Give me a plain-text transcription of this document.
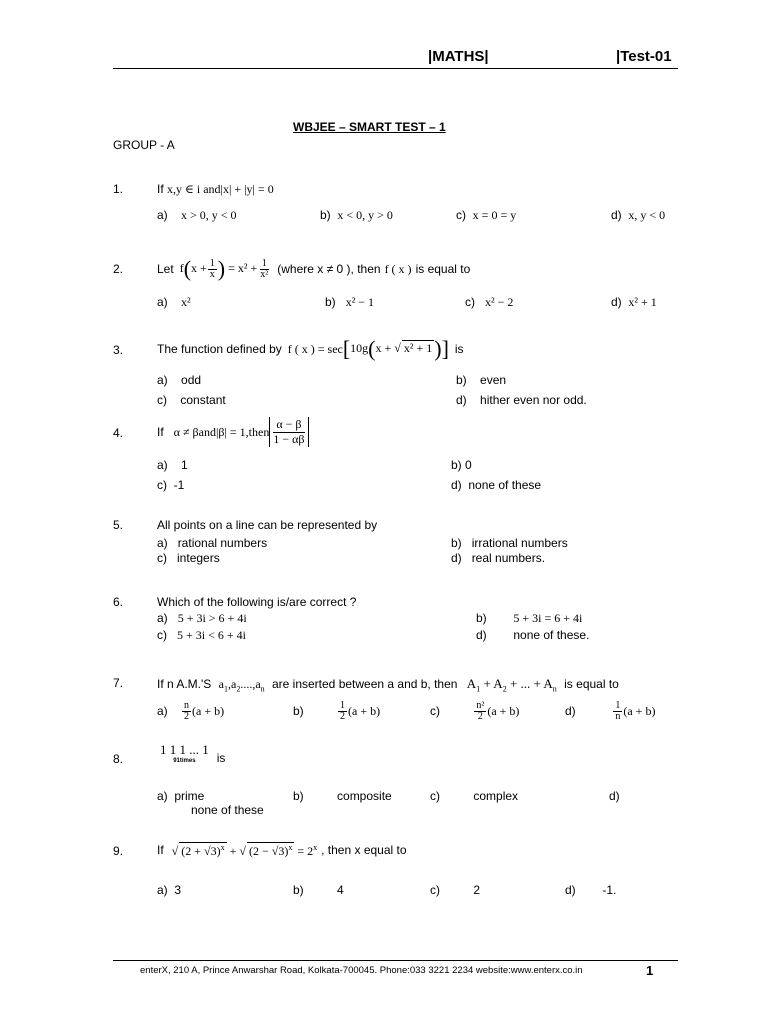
|MATHS|	|Test-01
WBJEE – SMART TEST – 1
GROUP - A
1.	If x,y ∈ i and|x| + |y| = 0
a) x > 0, y < 0	b) x < 0, y > 0	c) x = 0 = y	d) x, y < 0
2.	Let $f(x + \frac{1}{x}$ ) = $x^2 + \frac{1}{\text{x²}}$ (where x ≠ 0 ), then f ( x ) is equal to
a) x²	b) x² − 1	c) x² − 2	d) x² + 1
3.	The function defined by f ( x ) = sec [10g(x + √ x² + 1)] is
a) odd	b) even
c) constant	d) hither even nor odd.
4.	If α ≠ βand|β| = 1,then
α − β
1 − αβ
a) 1	b) 0
c) -1	d) none of these
5.	All points on a line can be represented by
a) rational numbers	b) irrational numbers
c) integers	d) real numbers.
6.	Which of the following is/are correct ?
a) 5 + 3i > 6 + 4i	b) 5 + 3i = 6 + 4i
c) 5 + 3i < 6 + 4i	d) none of these.
7.	If n A.M.'S $a_1,a_2....,a_n$ are inserted between a and b, then $A_1 + A_2$ + ... + $A_n$ is equal to
a)
$\frac{n}{2} (a + b)$	b)
	$\frac{1}{2} (a + b)$	c)
	$\frac{\text{n²}}{2} (a + b)$	d)
	$\frac{1}{n} (a + b)$
8.
1 1 1 ... 1
91times is
a) prime	b)	composite	c)	complex	d)
none of these
9.	If √ $(2 + √3)^x$ + √ $(2 - √3)^x = 2^x$ , then x equal to
a) 3	b)	4	c)	2	d) -1.
enterX, 210 A, Prince Anwarshar Road, Kolkata-700045. Phone:033 3221 2234 website:www.enterx.co.in	1
